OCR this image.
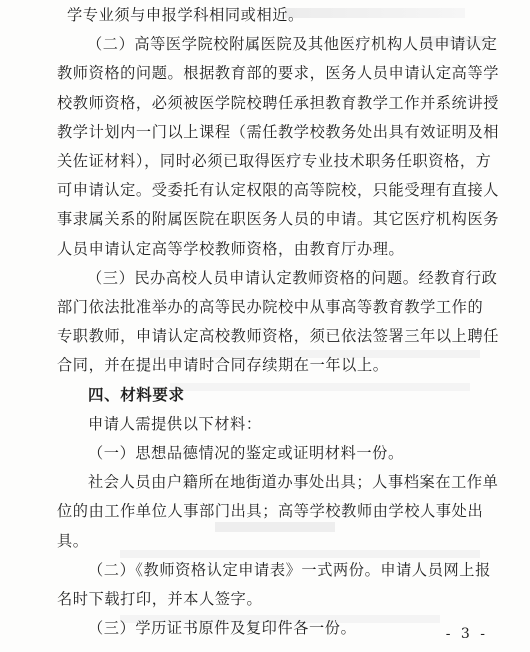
学专业须与申报学科相同或相近。
（二）高等医学院校附属医院及其他医疗机构人员申请认定
教师资格的问题。根据教育部的要求，医务人员申请认定高等学
校教师资格，必须被医学院校聘任承担教育教学工作并系统讲授
教学计划内一门以上课程（需任教学校教务处出具有效证明及相
关佐证材料），同时必须已取得医疗专业技术职务任职资格，方
可申请认定。受委托有认定权限的高等院校，只能受理有直接人
事隶属关系的附属医院在职医务人员的申请。其它医疗机构医务
人员申请认定高等学校教师资格，由教育厅办理。
（三）民办高校人员申请认定教师资格的问题。经教育行政
部门依法批准举办的高等民办院校中从事高等教育教学工作的
专职教师，申请认定高校教师资格，须已依法签署三年以上聘任
合同，并在提出申请时合同存续期在一年以上。
四、材料要求
申请人需提供以下材料：
（一）思想品德情况的鉴定或证明材料一份。
社会人员由户籍所在地街道办事处出具；人事档案在工作单
位的由工作单位人事部门出具；高等学校教师由学校人事处出
具。
（二）《教师资格认定申请表》一式两份。申请人员网上报
名时下载打印，并本人签字。
（三）学历证书原件及复印件各一份。	- 3 -
